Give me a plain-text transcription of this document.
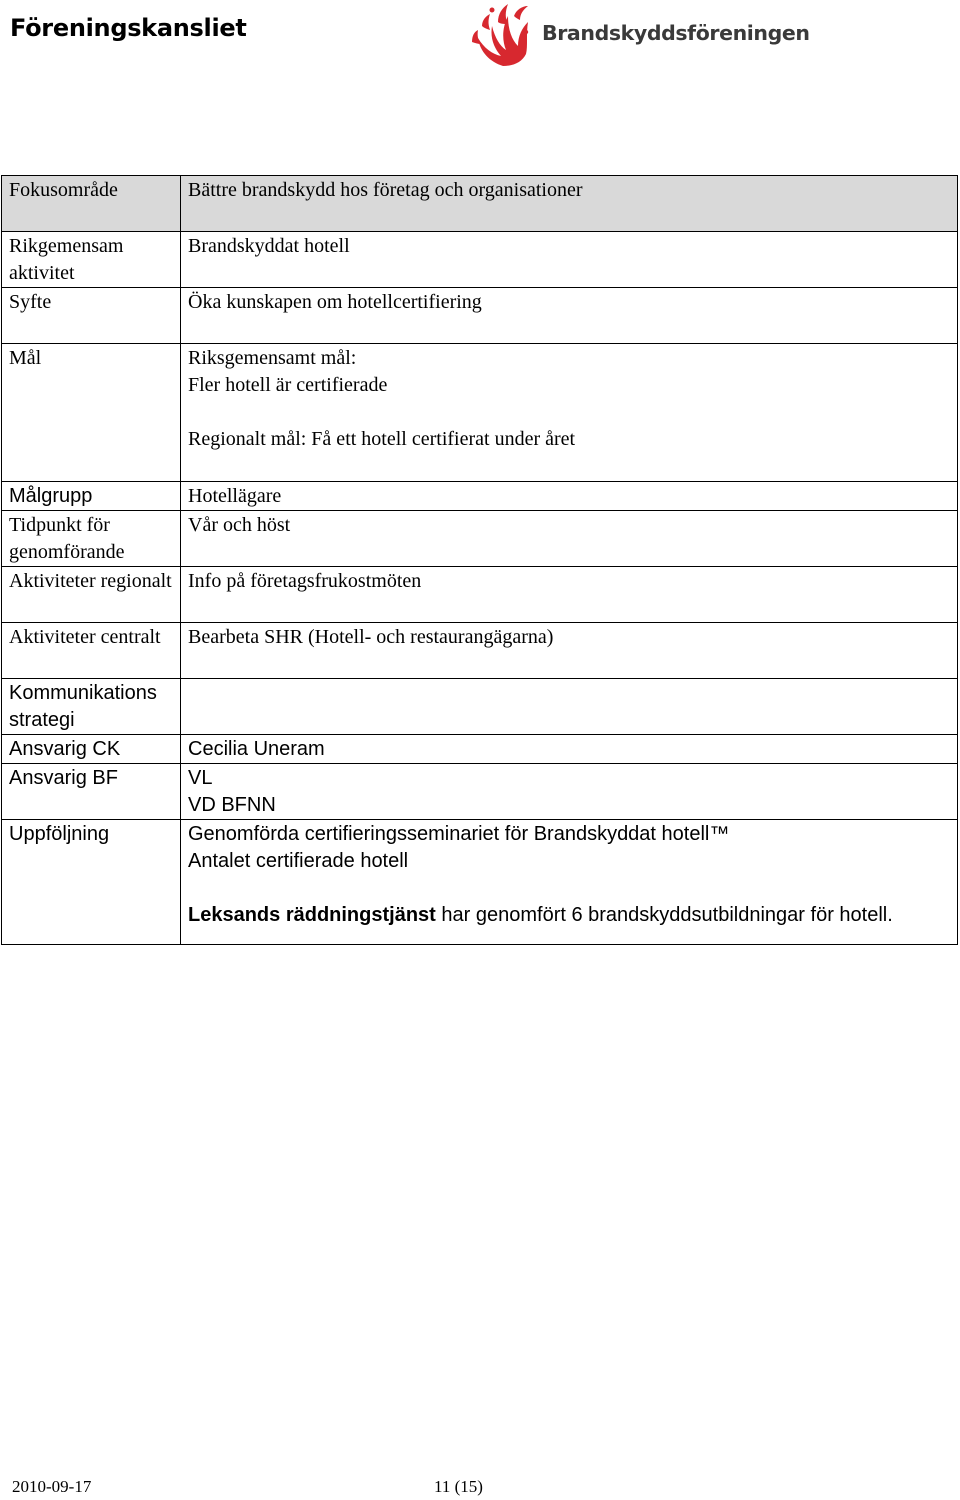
Föreningskansliet	Brandskyddsföreningen
Fokusområde	Bättre brandskydd hos företag och organisationer
Rikgemensam aktivitet	Brandskyddat hotell
Syfte	Öka kunskapen om hotellcertifiering
Mål	Riksgemensamt mål:
Fler hotell är certifierade
Regionalt mål: Få ett hotell certifierat under året

Målgrupp	Hotellägare
Tidpunkt för genomförande	Vår och höst
Aktiviteter regionalt	Info på företagsfrukostmöten
Aktiviteter centralt	Bearbeta SHR (Hotell- och restaurangägarna)
Kommunikations strategi	
Ansvarig CK	Cecilia Uneram
Ansvarig BF	VL
VD BFNN

Uppföljning	Genomförda certifieringsseminariet för Brandskyddat hotell™
Antalet certifierade hotell
Leksands räddningstjänst har genomfört 6 brandskyddsutbildningar för hotell.
2010-09-17	11 (15)
